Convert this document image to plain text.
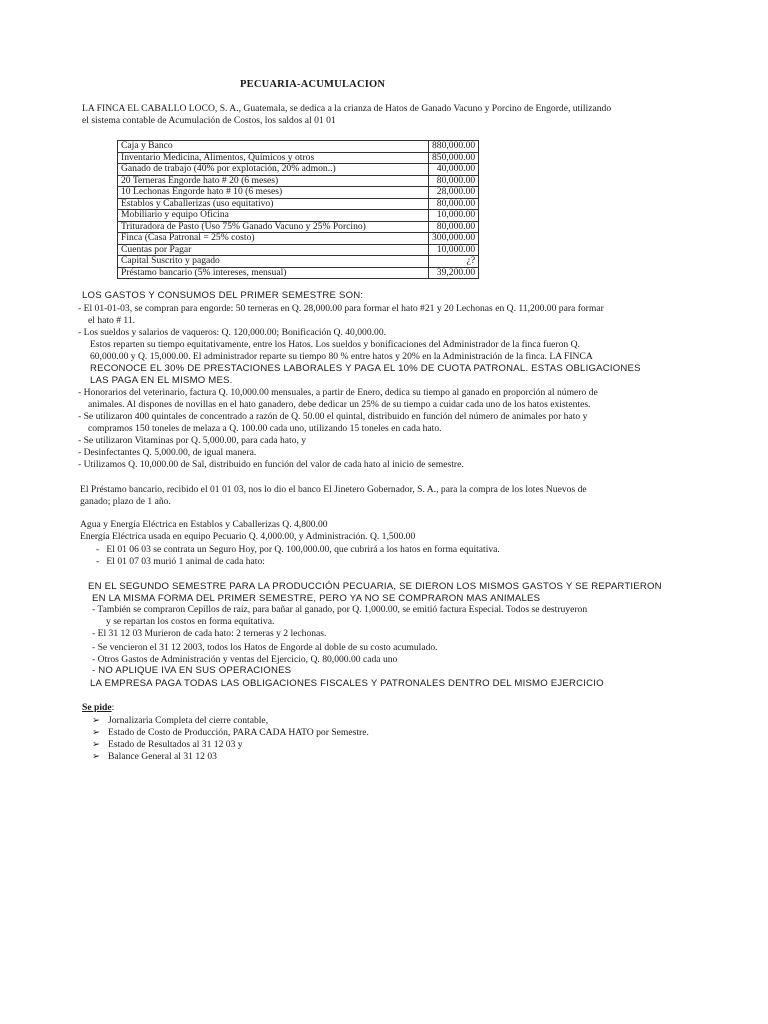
PECUARIA-ACUMULACION
LA FINCA EL CABALLO LOCO, S. A., Guatemala, se dedica a la crianza de Hatos de Ganado Vacuno y Porcino de Engorde, utilizando
el sistema contable de Acumulación de Costos, los saldos al 01 01
Caja y Banco	880,000.00
Inventario Medicina, Alimentos, Químicos y otros	850,000.00
Ganado de trabajo (40% por explotación, 20% admon..)	40,000.00
20 Terneras Engorde hato # 20 (6 meses)	80,000.00
10 Lechonas Engorde hato # 10 (6 meses)	28,000.00
Establos y Caballerizas (uso equitativo)	80,000.00
Mobiliario y equipo Oficina	10,000.00
Trituradora de Pasto (Uso 75% Ganado Vacuno y 25% Porcino)	80,000.00
Finca (Casa Patronal = 25% costo)	300,000.00
Cuentas por Pagar	10,000.00
Capital Suscrito y pagado	¿?
Préstamo bancario (5% intereses, mensual)	39,200.00
LOS GASTOS Y CONSUMOS DEL PRIMER SEMESTRE SON:
- El 01-01-03, se compran para engorde: 50 terneras en Q. 28,000.00 para formar el hato #21 y 20 Lechonas en Q. 11,200.00 para formar
el hato # 11.
- Los sueldos y salarios de vaqueros: Q. 120,000.00; Bonificación Q. 40,000.00.
Estos reparten su tiempo equitativamente, entre los Hatos. Los sueldos y bonificaciones del Administrador de la finca fueron Q.
60,000.00 y Q. 15,000.00. El administrador reparte su tiempo 80 % entre hatos y 20% en la Administración de la finca. LA FINCA
RECONOCE EL 30% DE PRESTACIONES LABORALES Y PAGA EL 10% DE CUOTA PATRONAL. ESTAS OBLIGACIONES
LAS PAGA EN EL MISMO MES.
- Honorarios del veterinario, factura Q. 10,000.00 mensuales, a partir de Enero, dedica su tiempo al ganado en proporción al número de
animales. Al dispones de novillas en el hato ganadero, debe dedicar un 25% de su tiempo a cuidar cada uno de los hatos existentes.
- Se utilizaron 400 quintales de concentrado a razón de Q. 50.00 el quintal, distribuido en función del número de animales por hato y
compramos 150 toneles de melaza a Q. 100.00 cada uno, utilizando 15 toneles en cada hato.
- Se utilizaron Vitaminas por Q. 5,000.00, para cada hato, y
- Desinfectantes Q. 5,000.00, de igual manera.
- Utilizamos Q. 10,000.00 de Sal, distribuido en función del valor de cada hato al inicio de semestre.
El Préstamo bancario, recibido el 01 01 03, nos lo dio el banco El Jinetero Gobernador, S. A., para la compra de los lotes Nuevos de
ganado; plazo de 1 año.
Agua y Energía Eléctrica en Establos y Caballerizas Q. 4,800.00
Energía Eléctrica usada en equipo Pecuario Q. 4,000.00, y Administración. Q. 1,500.00
-   El 01 06 03 se contrata un Seguro Hoy, por Q. 100,000.00, que cubrirá a los hatos en forma equitativa.
-   El 01 07 03 murió 1 animal de cada hato:
EN EL SEGUNDO SEMESTRE PARA LA PRODUCCIÓN PECUARIA, SE DIERON LOS MISMOS GASTOS Y SE REPARTIERON
EN LA MISMA FORMA DEL PRIMER SEMESTRE, PERO YA NO SE COMPRARON MAS ANIMALES
- También se compraron Cepillos de raíz, para bañar al ganado, por Q. 1,000.00, se emitió factura Especial. Todos se destruyeron
y se repartan los costos en forma equitativa.
- El 31 12 03 Murieron de cada hato: 2 terneras y 2 lechonas.
- Se vencieron el 31 12 2003, todos los Hatos de Engorde al doble de su costo acumulado.
- Otros Gastos de Administración y ventas del Ejercicio, Q. 80,000.00 cada uno
- NO APLIQUE IVA EN SUS OPERACIONES
LA EMPRESA PAGA TODAS LAS OBLIGACIONES FISCALES Y PATRONALES DENTRO DEL MISMO EJERCICIO
Se pide:
➢ Jornalizaria Completa del cierre contable,
➢ Estado de Costo de Producción, PARA CADA HATO por Semestre.
➢ Estado de Resultados al 31 12 03 y
➢ Balance General al 31 12 03
